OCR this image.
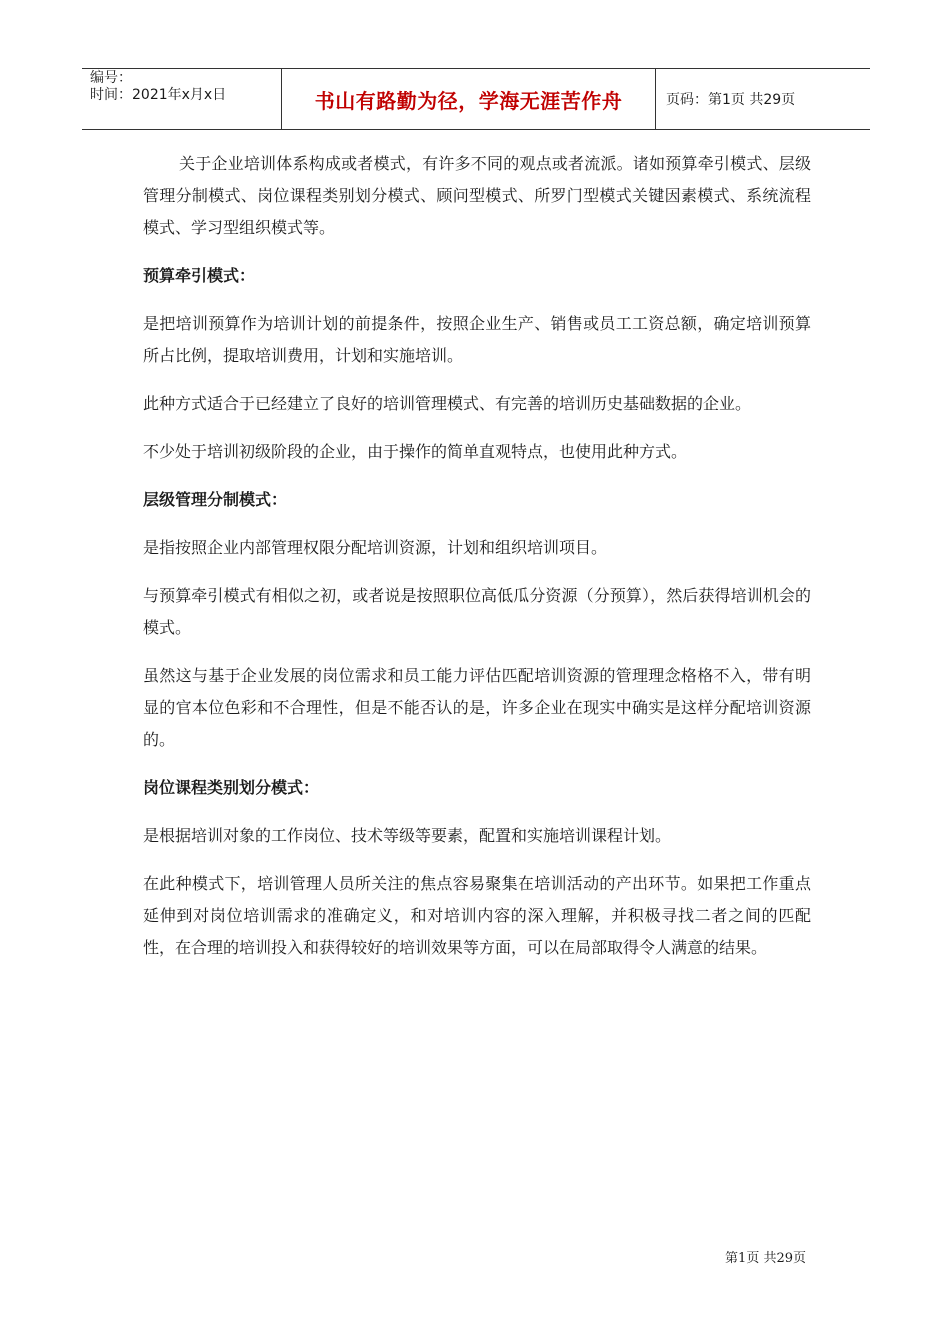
编号：
时间：2021年x月x日	书山有路勤为径，学海无涯苦作舟	页码：第1页 共29页

关于企业培训体系构成或者模式，有许多不同的观点或者流派。诸如预算牵引模式、层级管理分制模式、岗位课程类别划分模式、顾问型模式、所罗门型模式关键因素模式、系统流程模式、学习型组织模式等。

预算牵引模式：

是把培训预算作为培训计划的前提条件，按照企业生产、销售或员工工资总额，确定培训预算所占比例，提取培训费用，计划和实施培训。

此种方式适合于已经建立了良好的培训管理模式、有完善的培训历史基础数据的企业。

不少处于培训初级阶段的企业，由于操作的简单直观特点，也使用此种方式。

层级管理分制模式：

是指按照企业内部管理权限分配培训资源，计划和组织培训项目。

与预算牵引模式有相似之初，或者说是按照职位高低瓜分资源（分预算），然后获得培训机会的模式。

虽然这与基于企业发展的岗位需求和员工能力评估匹配培训资源的管理理念格格不入，带有明显的官本位色彩和不合理性，但是不能否认的是，许多企业在现实中确实是这样分配培训资源的。

岗位课程类别划分模式：

是根据培训对象的工作岗位、技术等级等要素，配置和实施培训课程计划。

在此种模式下，培训管理人员所关注的焦点容易聚集在培训活动的产出环节。如果把工作重点延伸到对岗位培训需求的准确定义，和对培训内容的深入理解，并积极寻找二者之间的匹配性，在合理的培训投入和获得较好的培训效果等方面，可以在局部取得令人满意的结果。

第1页 共29页
